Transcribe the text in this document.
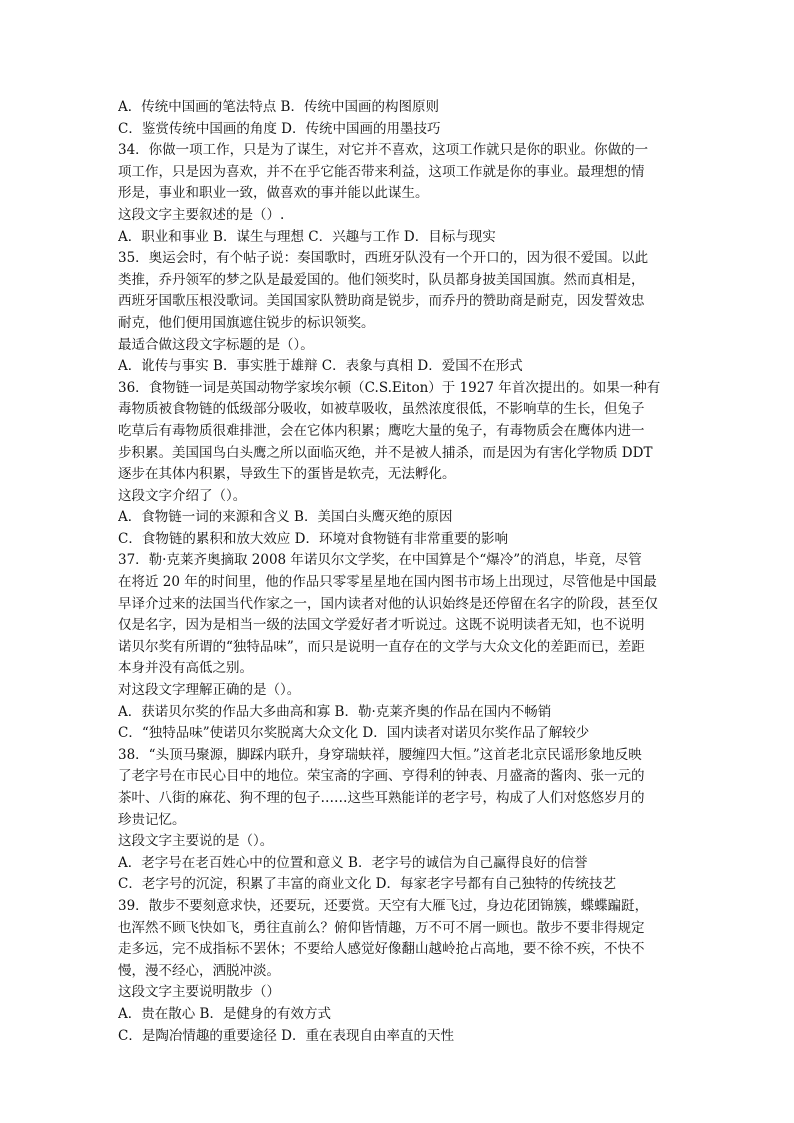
A．传统中国画的笔法特点 B．传统中国画的构图原则
C．鉴赏传统中国画的角度 D．传统中国画的用墨技巧
34．你做一项工作，只是为了谋生，对它并不喜欢，这项工作就只是你的职业。你做的一
项工作，只是因为喜欢，并不在乎它能否带来利益，这项工作就是你的事业。最理想的情
形是，事业和职业一致，做喜欢的事并能以此谋生。
这段文字主要叙述的是（）.
A．职业和事业 B．谋生与理想 C．兴趣与工作 D．目标与现实
35．奥运会时，有个帖子说：奏国歌时，西班牙队没有一个开口的，因为很不爱国。以此
类推，乔丹领军的梦之队是最爱国的。他们领奖时，队员都身披美国国旗。然而真相是，
西班牙国歌压根没歌词。美国国家队赞助商是锐步，而乔丹的赞助商是耐克，因发誓效忠
耐克，他们便用国旗遮住锐步的标识领奖。
最适合做这段文字标题的是（）。
A．讹传与事实 B．事实胜于雄辩 C．表象与真相 D．爱国不在形式
36．食物链一词是英国动物学家埃尔顿（C.S.Eiton）于 1927 年首次提出的。如果一种有
毒物质被食物链的低级部分吸收，如被草吸收，虽然浓度很低，不影响草的生长，但兔子
吃草后有毒物质很难排泄，会在它体内积累；鹰吃大量的兔子，有毒物质会在鹰体内进一
步积累。美国国鸟白头鹰之所以面临灭绝，并不是被人捕杀，而是因为有害化学物质 DDT
逐步在其体内积累，导致生下的蛋皆是软壳，无法孵化。
这段文字介绍了（）。
A．食物链一词的来源和含义 B．美国白头鹰灭绝的原因
C．食物链的累积和放大效应 D．环境对食物链有非常重要的影响
37．勒·克莱齐奥摘取 2008 年诺贝尔文学奖，在中国算是个“爆冷”的消息，毕竟，尽管
在将近 20 年的时间里，他的作品只零零星星地在国内图书市场上出现过，尽管他是中国最
早译介过来的法国当代作家之一，国内读者对他的认识始终是还停留在名字的阶段，甚至仅
仅是名字，因为是相当一级的法国文学爱好者才听说过。这既不说明读者无知，也不说明
诺贝尔奖有所谓的“独特品味”，而只是说明一直存在的文学与大众文化的差距而已，差距
本身并没有高低之别。
对这段文字理解正确的是（）。
A．获诺贝尔奖的作品大多曲高和寡 B．勒·克莱齐奥的作品在国内不畅销
C．“独特品味”使诺贝尔奖脱离大众文化 D．国内读者对诺贝尔奖作品了解较少
38．“头顶马聚源，脚踩内联升，身穿瑞蚨祥，腰缠四大恒。”这首老北京民谣形象地反映
了老字号在市民心目中的地位。荣宝斋的字画、亨得利的钟表、月盛斋的酱肉、张一元的
茶叶、八街的麻花、狗不理的包子……这些耳熟能详的老字号，构成了人们对悠悠岁月的
珍贵记忆。
这段文字主要说的是（）。
A．老字号在老百姓心中的位置和意义 B．老字号的诚信为自己赢得良好的信誉
C．老字号的沉淀，积累了丰富的商业文化 D．每家老字号都有自己独特的传统技艺
39．散步不要刻意求快，还要玩，还要赏。天空有大雁飞过，身边花团锦簇，蝶蝶蹁跹，
也浑然不顾飞快如飞，勇往直前么？俯仰皆情趣，万不可不屑一顾也。散步不要非得规定
走多远，完不成指标不罢休；不要给人感觉好像翻山越岭抢占高地，要不徐不疾，不快不
慢，漫不经心，洒脱冲淡。
这段文字主要说明散步（）
A．贵在散心 B．是健身的有效方式
C．是陶冶情趣的重要途径 D．重在表现自由率直的天性
